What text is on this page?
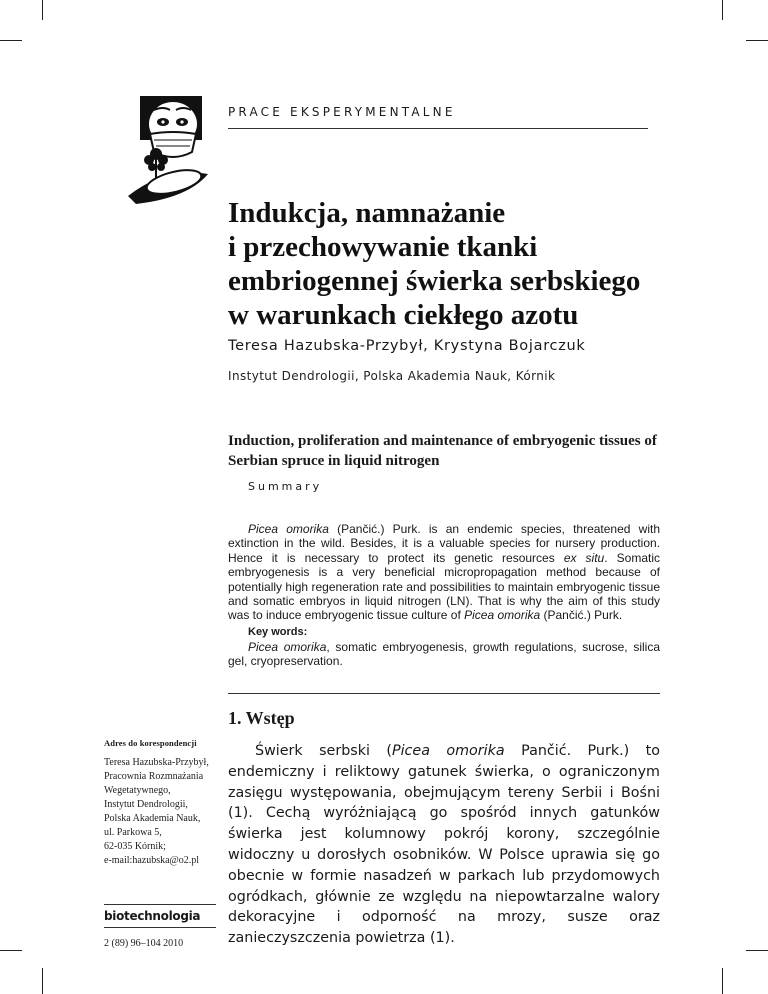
PRACE EKSPERYMENTALNE
Indukcja, namnażanie
i przechowywanie tkanki
embriogennej świerka serbskiego
w warunkach ciekłego azotu
Teresa Hazubska-Przybył, Krystyna Bojarczuk
Instytut Dendrologii, Polska Akademia Nauk, Kórnik

Induction, proliferation and maintenance of embryogenic tissues of Serbian spruce in liquid nitrogen

Summary

Picea omorika (Pančić.) Purk. is an endemic species, threatened with extinction in the wild. Besides, it is a valuable species for nursery production. Hence it is necessary to protect its genetic resources ex situ. Somatic embryogenesis is a very beneficial micropropagation method because of potentially high regeneration rate and possibilities to maintain embryogenic tissue and somatic embryos in liquid nitrogen (LN). That is why the aim of this study was to induce embryogenic tissue culture of Picea omorika (Pančić.) Purk.

Key words:

Picea omorika, somatic embryogenesis, growth regulations, sucrose, silica gel, cryopreservation.

1. Wstęp
Adres do korespondencji
Teresa Hazubska-Przybył,
Pracownia Rozmnażania
Wegetatywnego,
Instytut Dendrologii,
Polska Akademia Nauk,
ul. Parkowa 5,
62-035 Kórnik;
e-mail:hazubska@o2.pl
biotechnologia
2 (89) 96–104 2010

Świerk serbski (Picea omorika Pančić. Purk.) to endemiczny i reliktowy gatunek świerka, o ograniczonym zasięgu występowania, obejmującym tereny Serbii i Bośni (1). Cechą wyróżniającą go spośród innych gatunków świerka jest kolumnowy pokrój korony, szczególnie widoczny u dorosłych osobników. W Polsce uprawia się go obecnie w formie nasadzeń w parkach lub przydomowych ogródkach, głównie ze względu na niepowtarzalne walory dekoracyjne i odporność na mrozy, susze oraz zanieczyszczenia powietrza (1).
